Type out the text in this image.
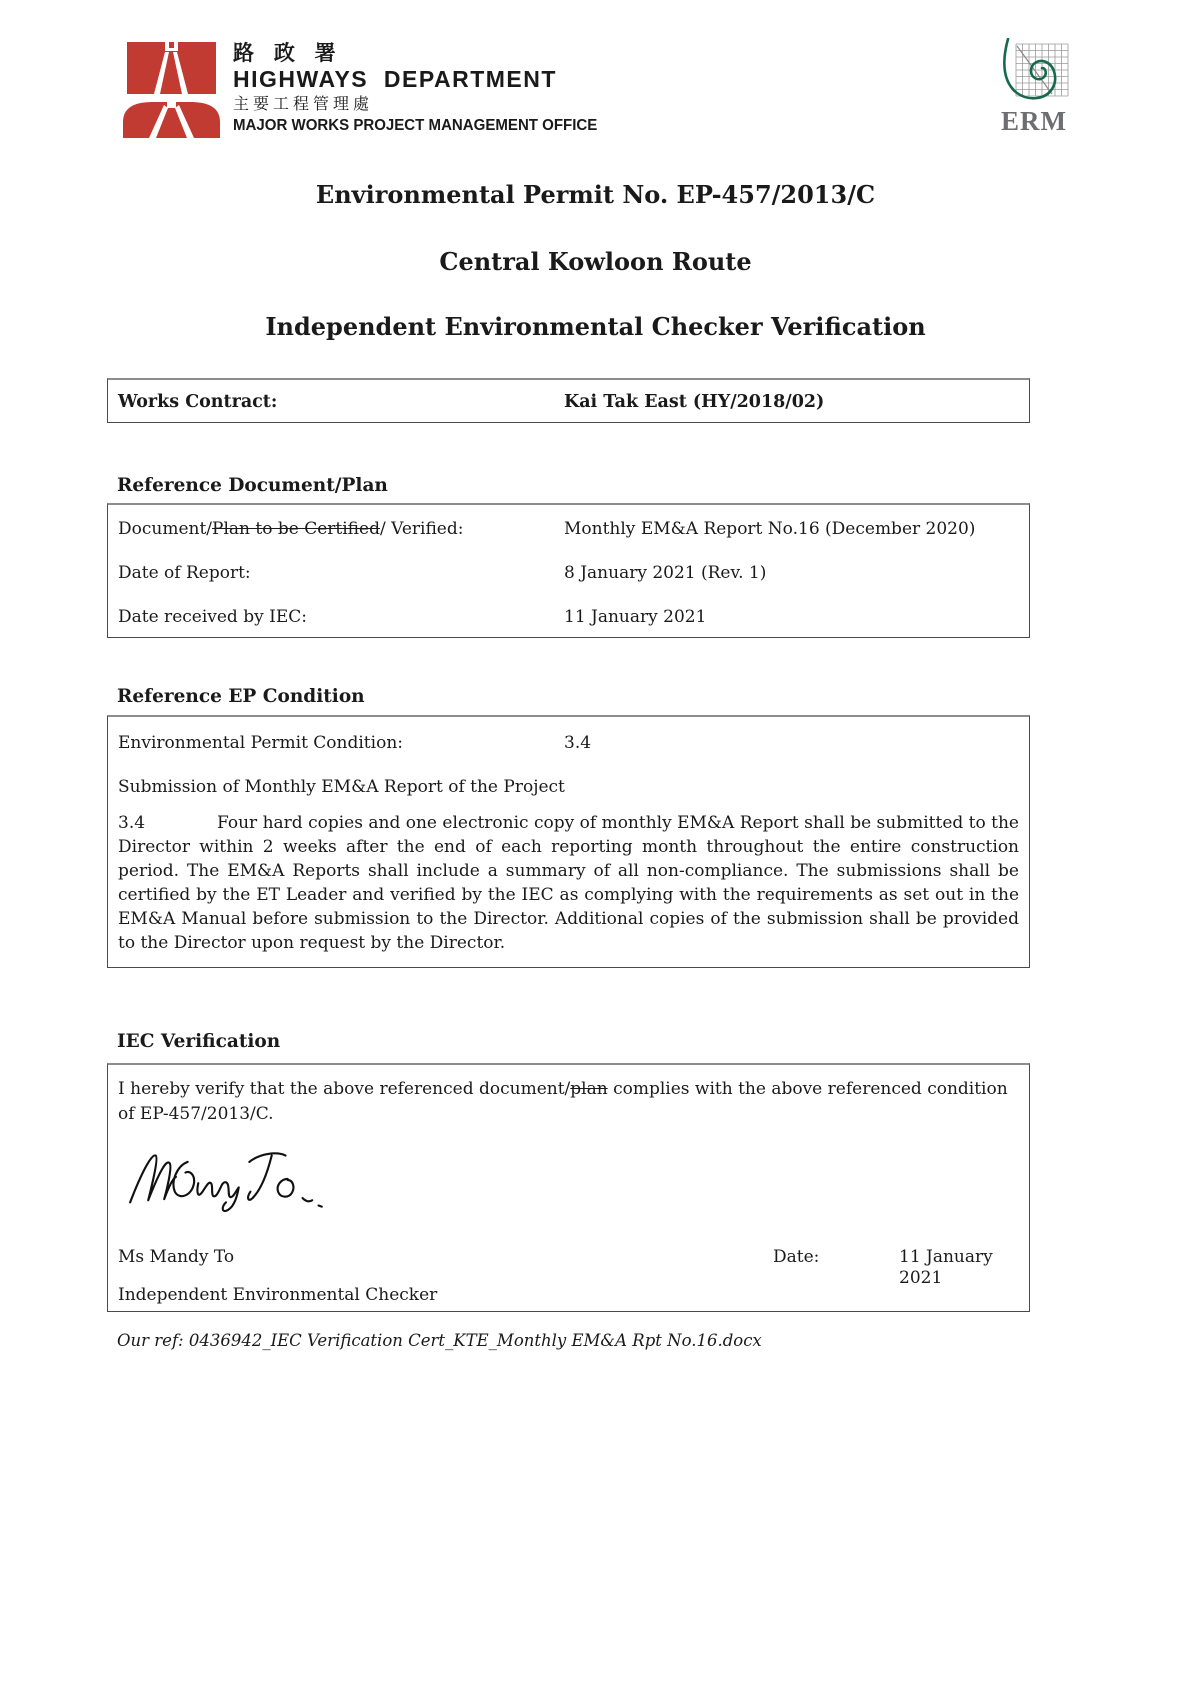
路 政 署
HIGHWAYS  DEPARTMENT
主要工程管理處
MAJOR WORKS PROJECT MANAGEMENT OFFICE	ERM
Environmental Permit No. EP-457/2013/C
Central Kowloon Route
Independent Environmental Checker Verification
Works Contract:	Kai Tak East (HY/2018/02)
Reference Document/Plan
Document/Plan to be Certified/ Verified:	Monthly EM&A Report No.16 (December 2020)
Date of Report:	8 January 2021 (Rev. 1)
Date received by IEC:	11 January 2021
Reference EP Condition
Environmental Permit Condition:	3.4
Submission of Monthly EM&A Report of the Project
3.4	Four hard copies and one electronic copy of monthly EM&A Report shall be submitted to the Director within 2 weeks after the end of each reporting month throughout the entire construction period. The EM&A Reports shall include a summary of all non-compliance. The submissions shall be certified by the ET Leader and verified by the IEC as complying with the requirements as set out in the EM&A Manual before submission to the Director. Additional copies of the submission shall be provided to the Director upon request by the Director.
IEC Verification
I hereby verify that the above referenced document/plan complies with the above referenced condition of EP-457/2013/C.
Ms Mandy To	Date:	11 January 2021
Independent Environmental Checker
Our ref: 0436942_IEC Verification Cert_KTE_Monthly EM&A Rpt No.16.docx
